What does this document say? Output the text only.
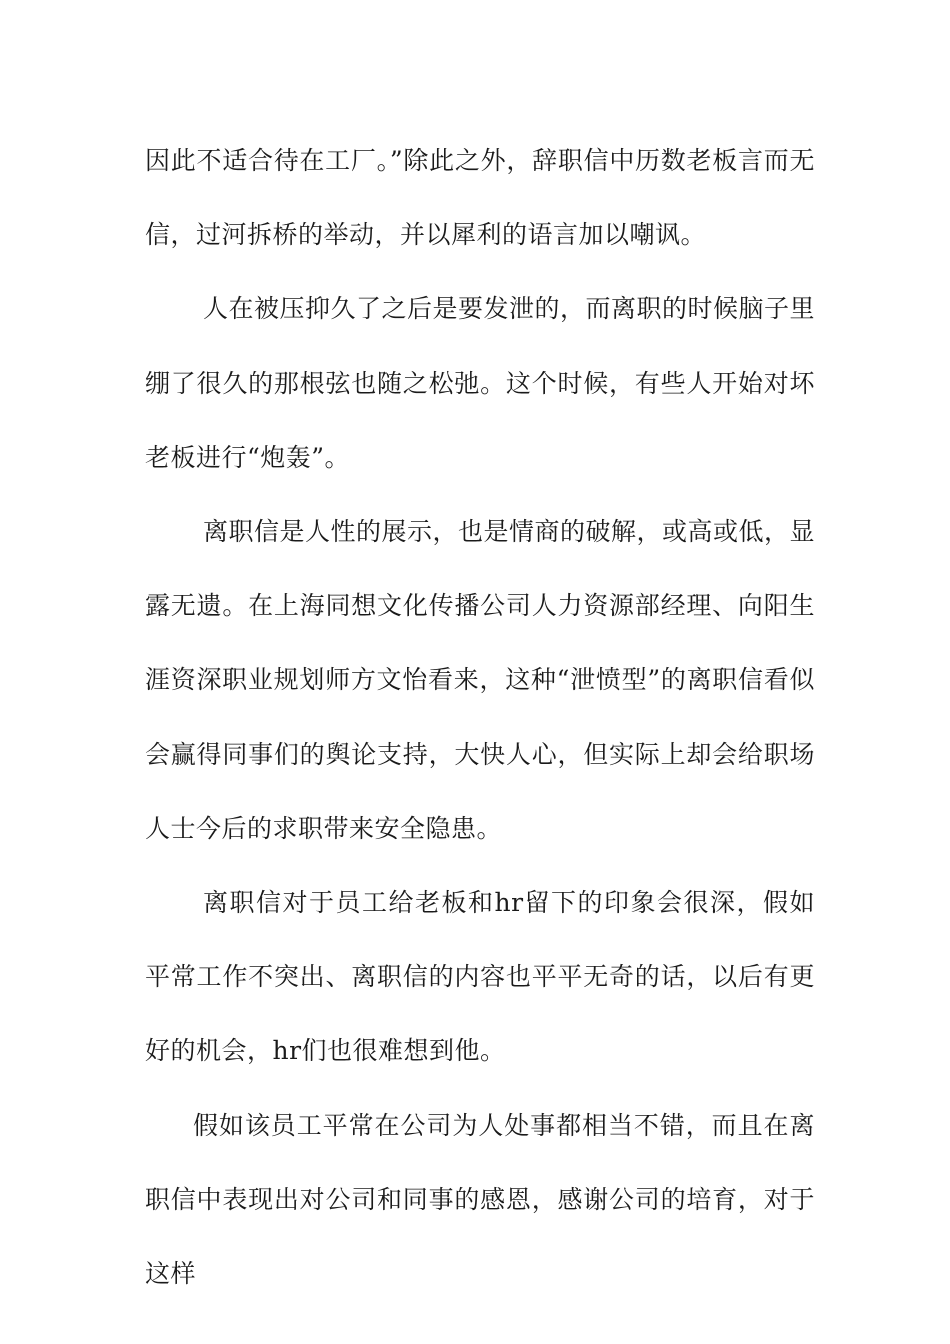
因此不适合待在工厂。”除此之外，辞职信中历数老板言而无信，过河拆桥的举动，并以犀利的语言加以嘲讽。

人在被压抑久了之后是要发泄的，而离职的时候脑子里绷了很久的那根弦也随之松弛。这个时候，有些人开始对坏老板进行“炮轰”。

离职信是人性的展示，也是情商的破解，或高或低，显露无遗。在上海同想文化传播公司人力资源部经理、向阳生涯资深职业规划师方文怡看来，这种“泄愤型”的离职信看似会赢得同事们的舆论支持，大快人心，但实际上却会给职场人士今后的求职带来安全隐患。

离职信对于员工给老板和hr留下的印象会很深，假如平常工作不突出、离职信的内容也平平无奇的话，以后有更好的机会，hr们也很难想到他。

假如该员工平常在公司为人处事都相当不错，而且在离职信中表现出对公司和同事的感恩，感谢公司的培育，对于这样
